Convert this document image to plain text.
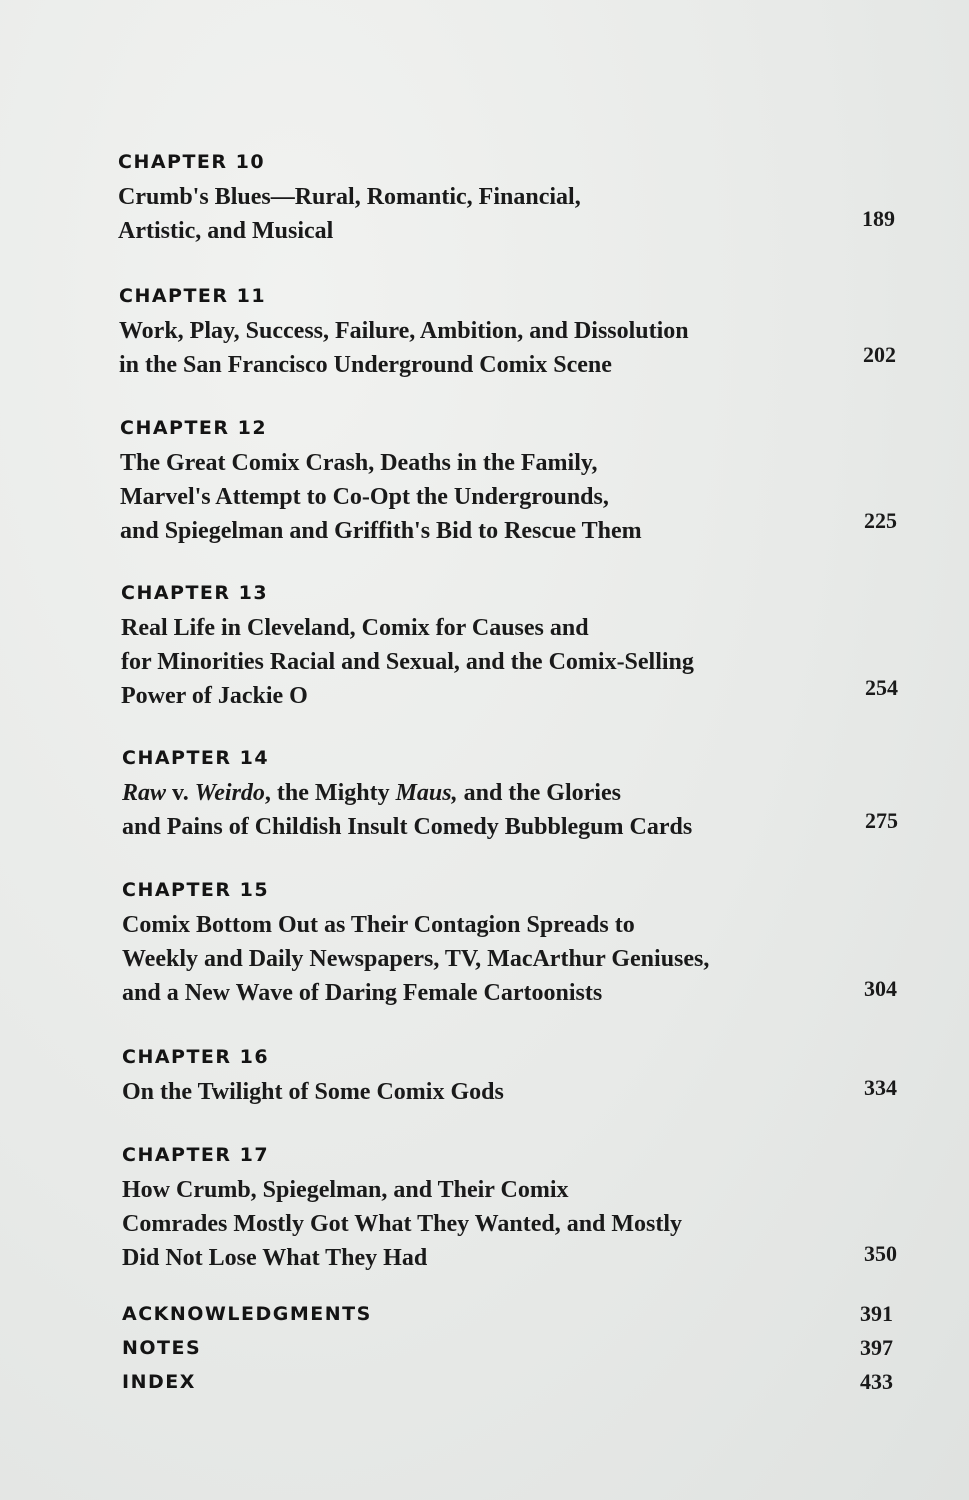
CHAPTER 10
Crumb's Blues—Rural, Romantic, Financial,
Artistic, and Musical	189
CHAPTER 11
Work, Play, Success, Failure, Ambition, and Dissolution
in the San Francisco Underground Comix Scene	202
CHAPTER 12
The Great Comix Crash, Deaths in the Family,
Marvel's Attempt to Co-Opt the Undergrounds,
and Spiegelman and Griffith's Bid to Rescue Them	225
CHAPTER 13
Real Life in Cleveland, Comix for Causes and
for Minorities Racial and Sexual, and the Comix-Selling
Power of Jackie O	254
CHAPTER 14
Raw v. Weirdo, the Mighty Maus, and the Glories
and Pains of Childish Insult Comedy Bubblegum Cards	275
CHAPTER 15
Comix Bottom Out as Their Contagion Spreads to
Weekly and Daily Newspapers, TV, MacArthur Geniuses,
and a New Wave of Daring Female Cartoonists	304
CHAPTER 16
On the Twilight of Some Comix Gods	334
CHAPTER 17
How Crumb, Spiegelman, and Their Comix
Comrades Mostly Got What They Wanted, and Mostly
Did Not Lose What They Had	350
ACKNOWLEDGMENTS	391
NOTES	397
INDEX	433
